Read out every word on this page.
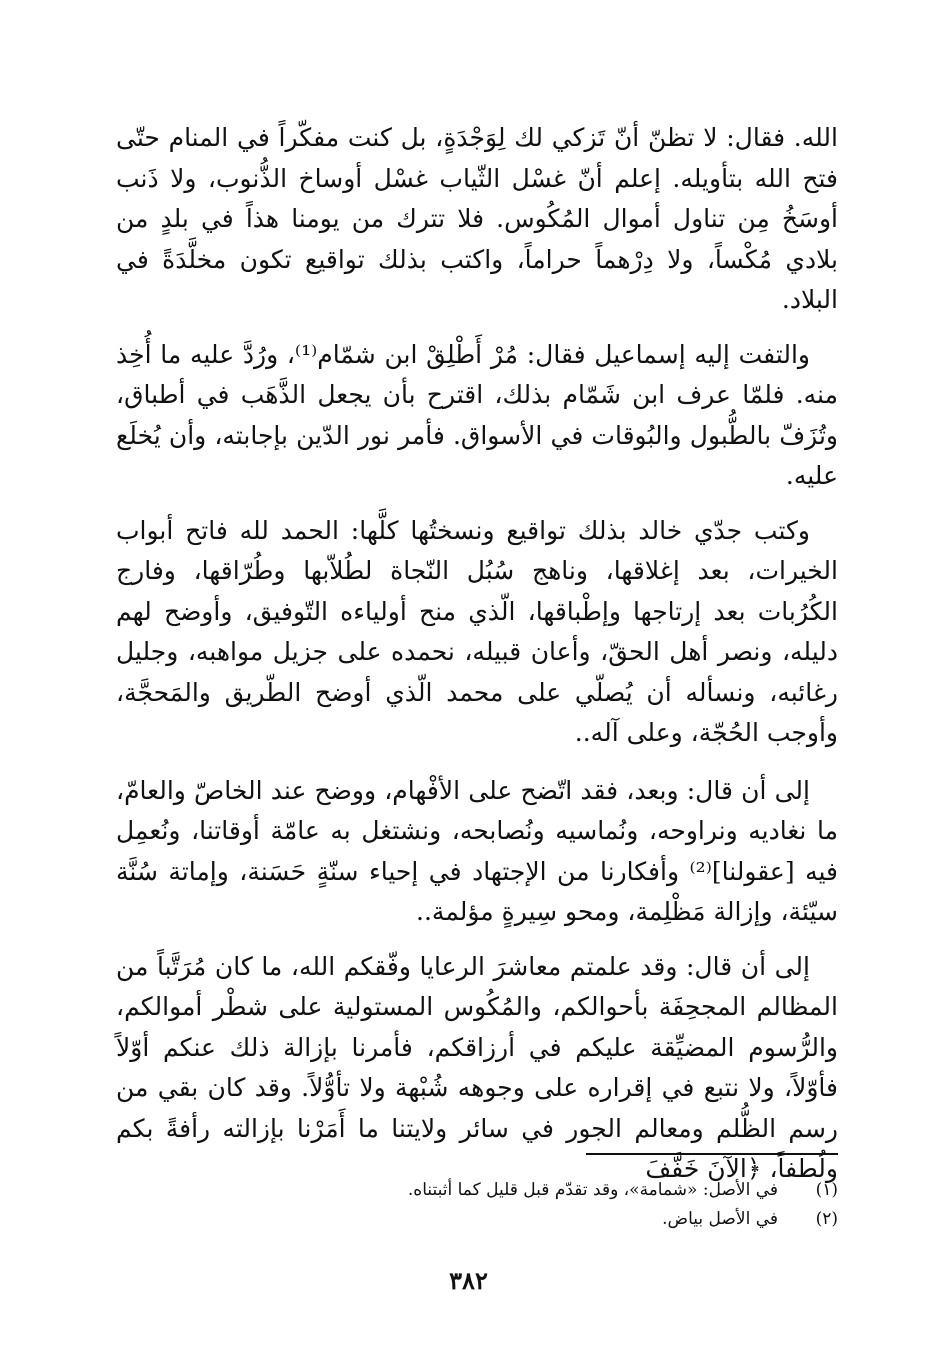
الله. فقال: لا تظنّ أنّ تَزكي لك لِوَجْدَةٍ، بل كنت مفكّراً في المنام حتّى فتح الله بتأويله. إعلم أنّ غسْل الثّياب غسْل أوساخ الذُّنوب، ولا ذَنب أوسَخُ مِن تناول أموال المُكُوس. فلا تترك من يومنا هذاً في بلدٍ من بلادي مُكْساً، ولا دِرْهماً حراماً، واكتب بذلك تواقيع تكون مخلَّدَةً في البلاد.

والتفت إليه إسماعيل فقال: مُرْ أَطْلِقْ ابن شمّام⁽¹⁾، ورُدَّ عليه ما أُخِذ منه. فلمّا عرف ابن شَمّام بذلك، اقترح بأن يجعل الذَّهَب في أطباق، وتُزَفّ بالطُّبول والبُوقات في الأسواق. فأمر نور الدّين بإجابته، وأن يُخلَع عليه.

وكتب جدّي خالد بذلك تواقيع ونسختُها كلَّها: الحمد لله فاتح أبواب الخيرات، بعد إغلاقها، وناهج سُبُل النّجاة لطُلاّبها وطُرّاقها، وفارج الكُرُبات بعد إرتاجها وإطْباقها، الّذي منح أولياءه التّوفيق، وأوضح لهم دليله، ونصر أهل الحقّ، وأعان قبيله، نحمده على جزيل مواهبه، وجليل رغائبه، ونسأله أن يُصلّي على محمد الّذي أوضح الطّريق والمَحجَّة، وأوجب الحُجّة، وعلى آله..

إلى أن قال: وبعد، فقد اتّضح على الأفْهام، ووضح عند الخاصّ والعامّ، ما نغاديه ونراوحه، ونُماسيه ونُصابحه، ونشتغل به عامّة أوقاتنا، ونُعمِل فيه [عقولنا]⁽²⁾ وأفكارنا من الإجتهاد في إحياء سنّةٍ حَسَنة، وإماتة سُنَّة سيّئة، وإزالة مَظْلِمة، ومحو سِيرةٍ مؤلمة..

إلى أن قال: وقد علمتم معاشرَ الرعايا وفّقكم الله، ما كان مُرَتَّباً من المظالم المجحِفَة بأحوالكم، والمُكُوس المستولية على شطْر أموالكم، والرُّسوم المضيِّقة عليكم في أرزاقكم، فأمرنا بإزالة ذلك عنكم أوّلاً فأوّلاً، ولا نتبع في إقراره على وجوهه شُبْهة ولا تأوُّلاً. وقد كان بقي من رسم الظُّلم ومعالم الجور في سائر ولايتنا ما أَمَرْنا بإزالته رأفةً بكم ولُطفاً، ﴿الآنَ خَفَّفَ

(١)
في الأصل: «شمامة»، وقد تقدّم قبل قليل كما أثبتناه.
(٢)
في الأصل بياض.
٣٨٢
